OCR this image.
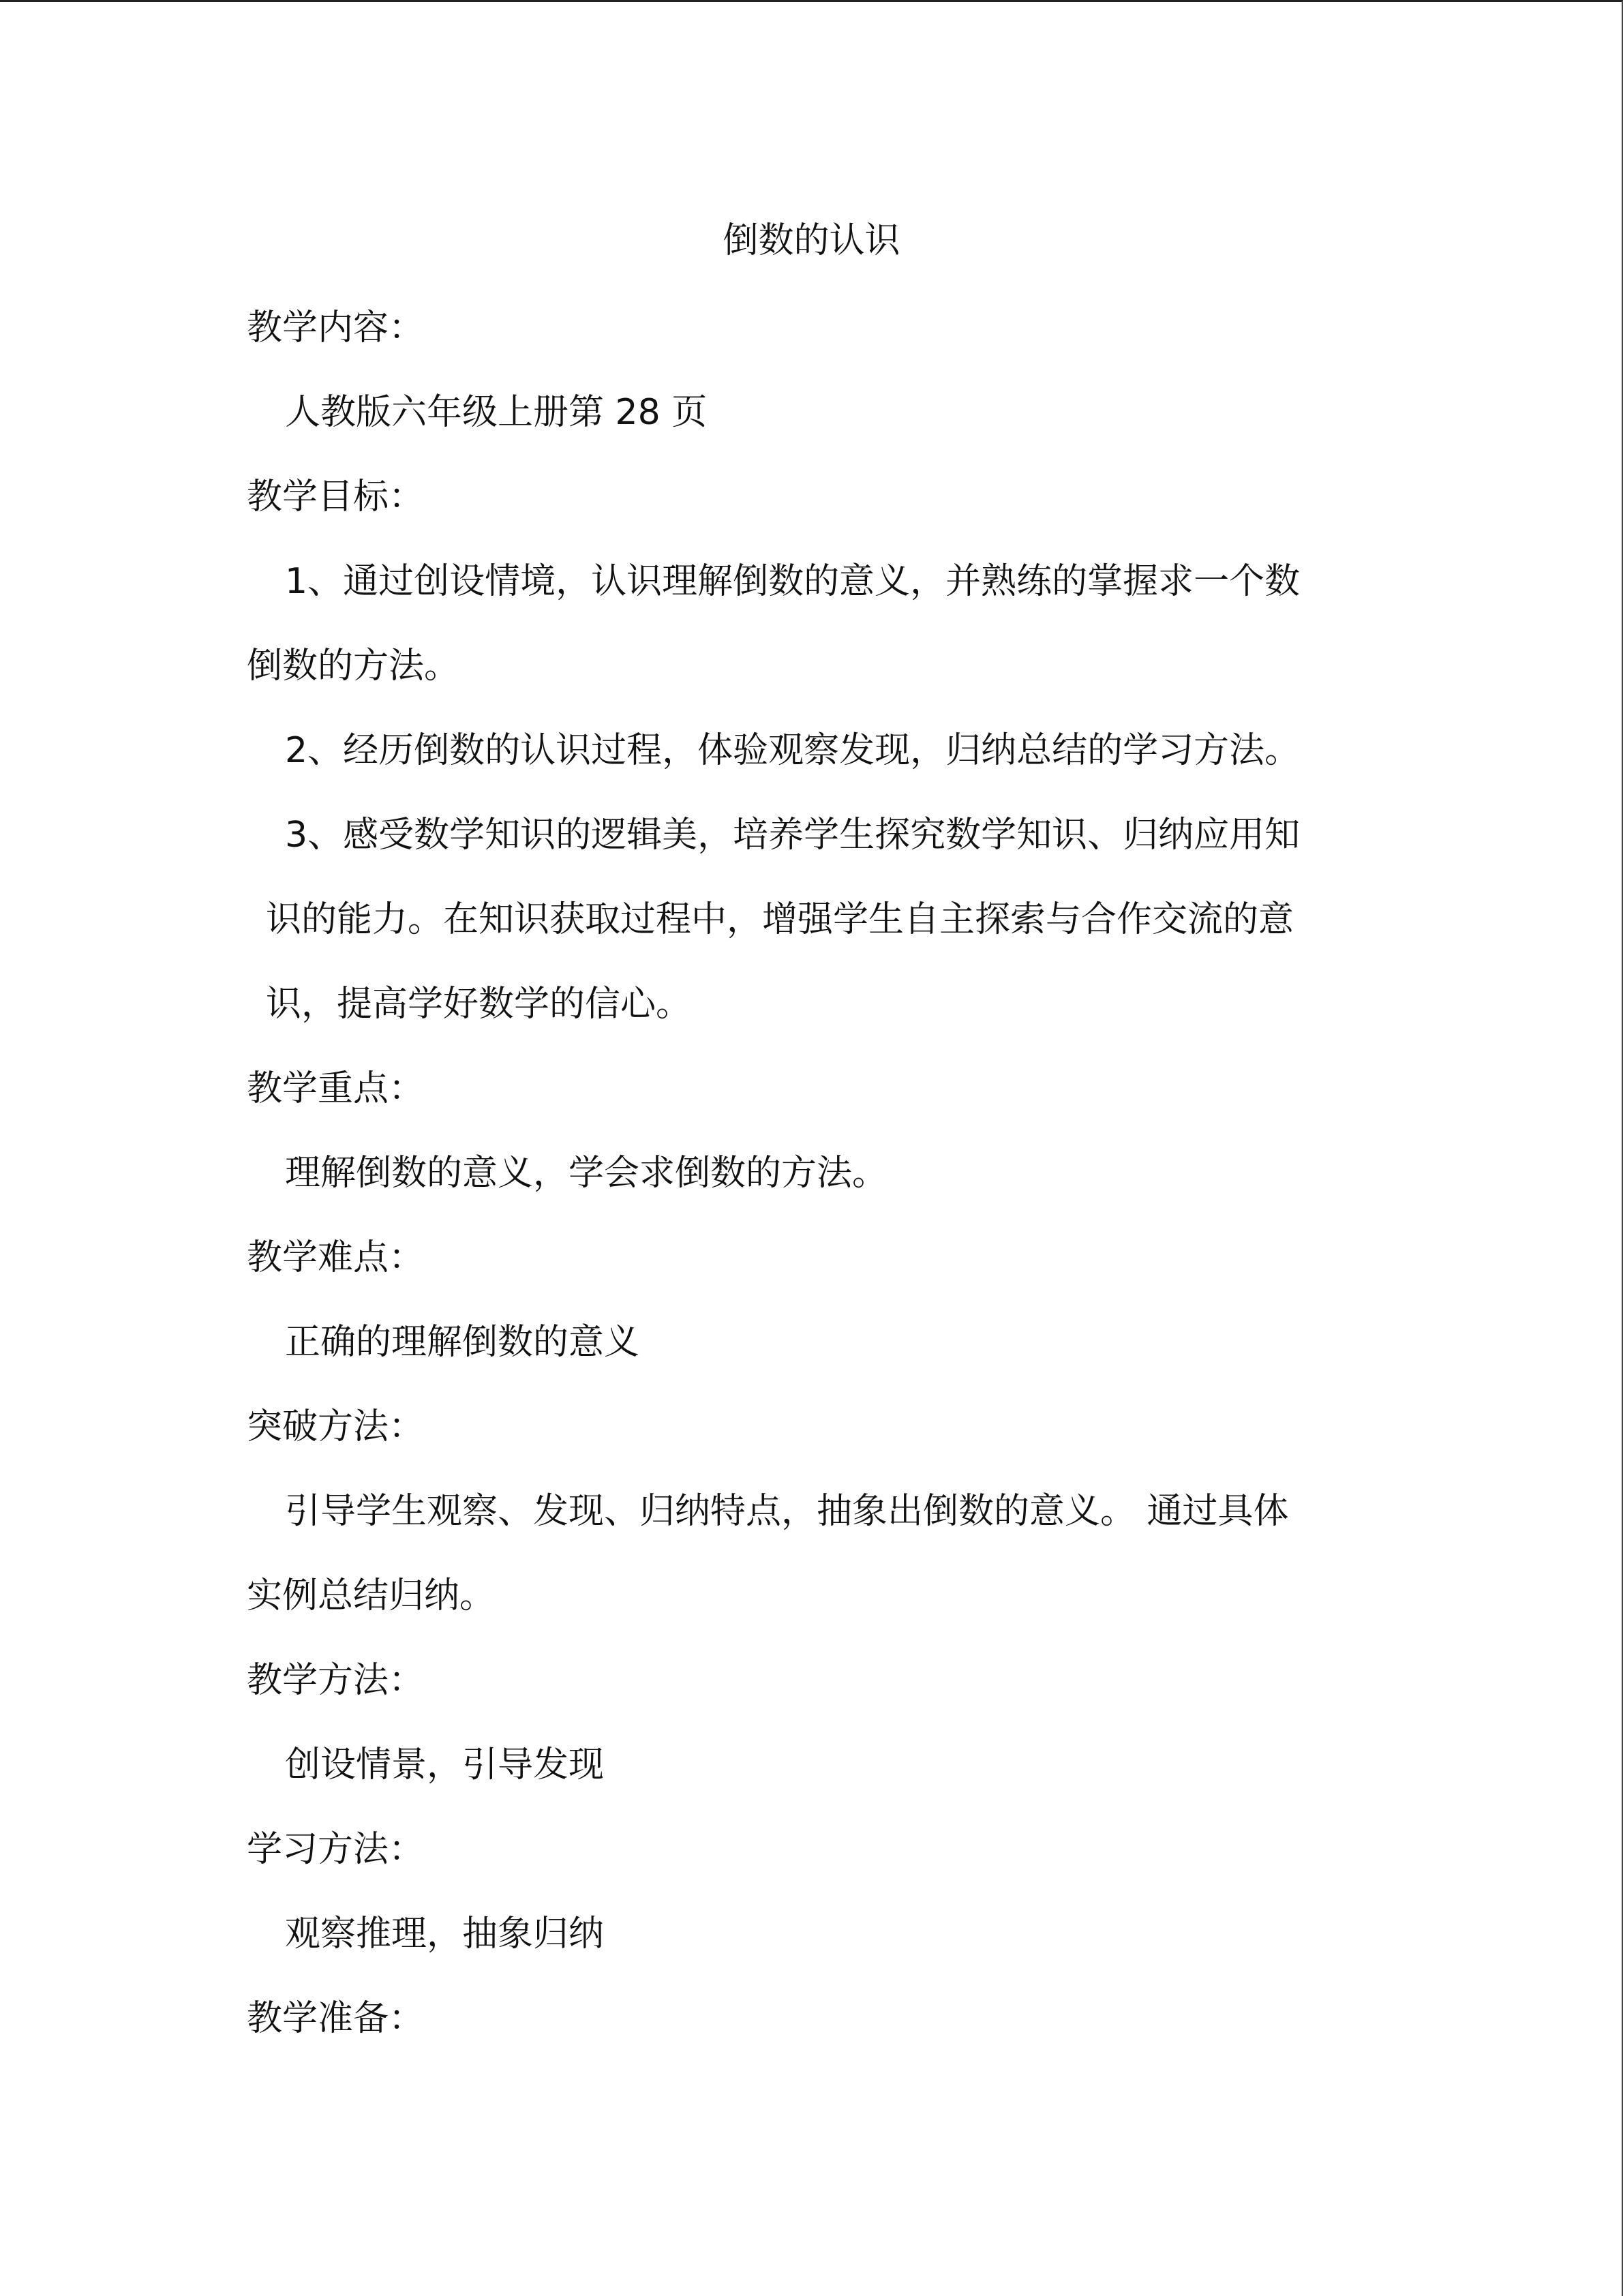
倒数的认识
教学内容：
人教版六年级上册第 28 页
教学目标：
1、通过创设情境，认识理解倒数的意义，并熟练的掌握求一个数
倒数的方法。
2、经历倒数的认识过程，体验观察发现，归纳总结的学习方法。
3、感受数学知识的逻辑美，培养学生探究数学知识、归纳应用知
识的能力。在知识获取过程中，增强学生自主探索与合作交流的意
识，提高学好数学的信心。
教学重点：
理解倒数的意义，学会求倒数的方法。
教学难点：
正确的理解倒数的意义
突破方法：
引导学生观察、发现、归纳特点，抽象出倒数的意义。 通过具体
实例总结归纳。
教学方法：
创设情景，引导发现
学习方法：
观察推理，抽象归纳
教学准备：
